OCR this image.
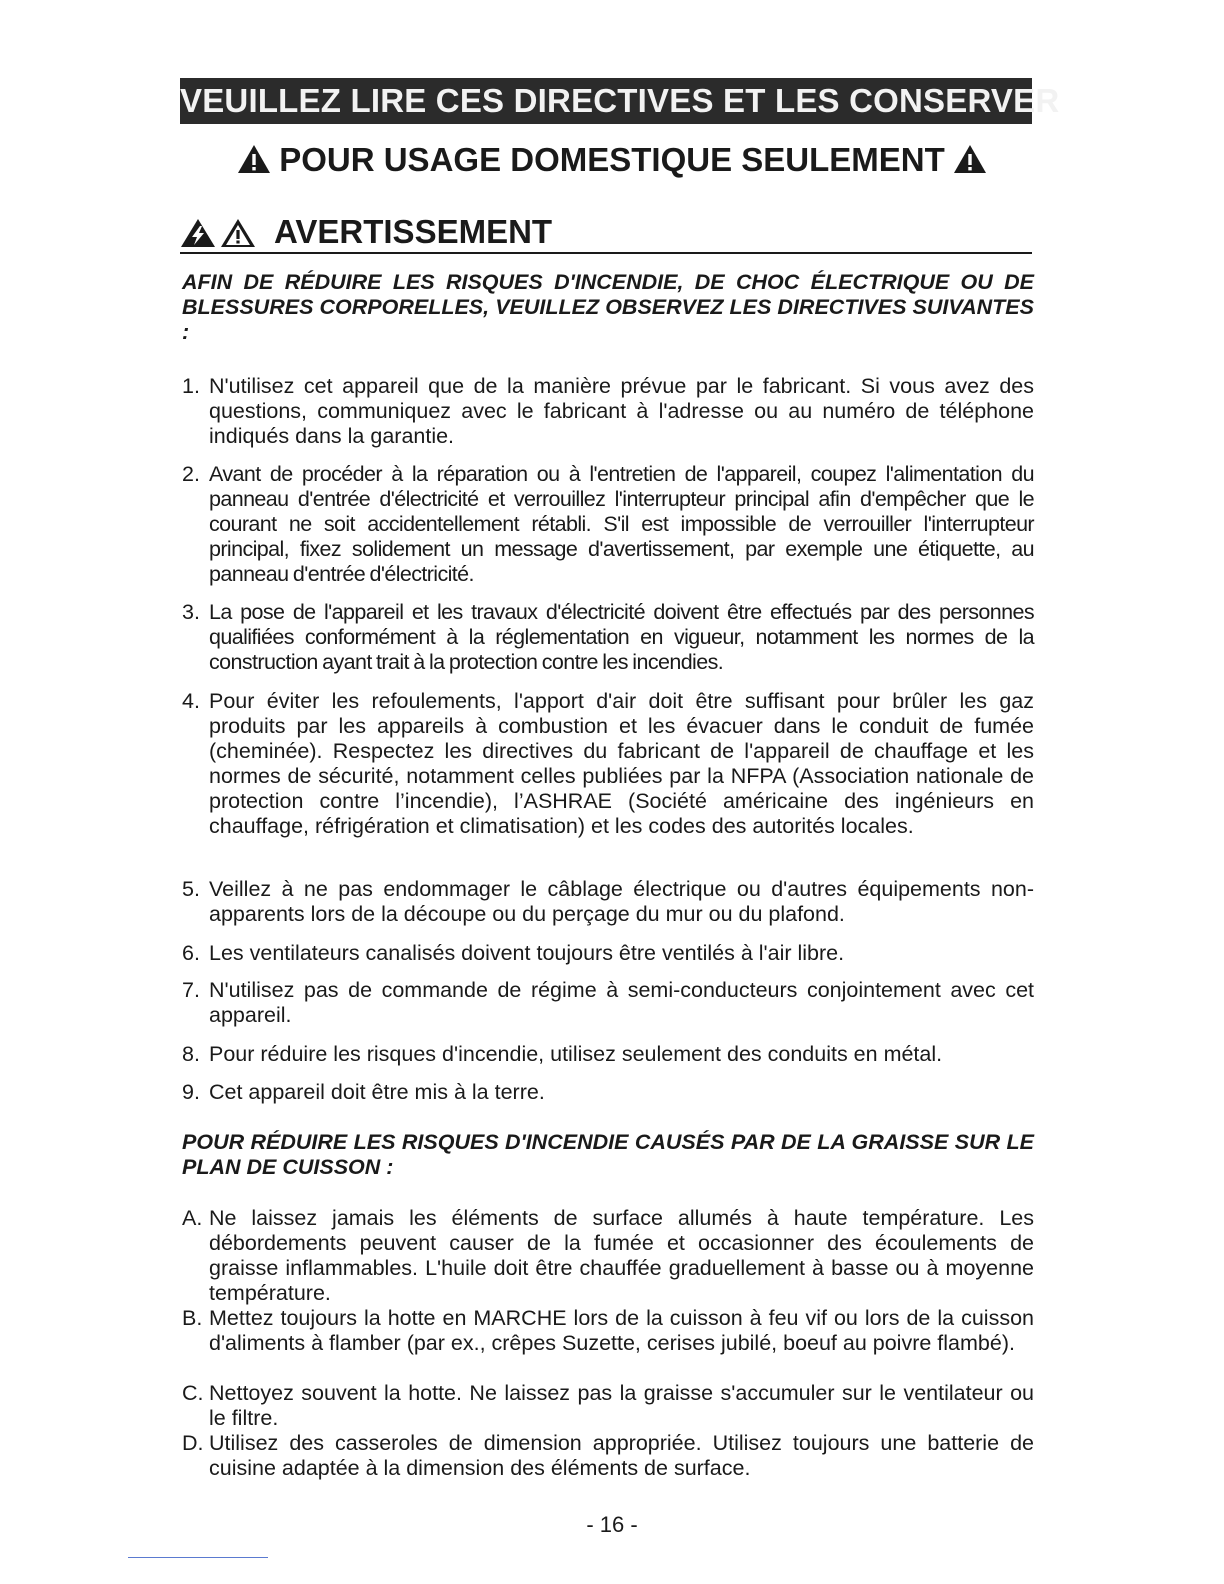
VEUILLEZ LIRE CES DIRECTIVES ET LES CONSERVER
POUR USAGE DOMESTIQUE SEULEMENT

AVERTISSEMENT
AFIN DE RÉDUIRE LES RISQUES D'INCENDIE, DE CHOC ÉLECTRIQUE OU DE BLESSURES CORPORELLES, VEUILLEZ OBSERVEZ LES DIRECTIVES SUIVANTES :
1. N'utilisez cet appareil que de la manière prévue par le fabricant. Si vous avez des questions, communiquez avec le fabricant à l'adresse ou au numéro de téléphone indiqués dans la garantie.
2. Avant de procéder à la réparation ou à l'entretien de l'appareil, coupez l'alimentation du panneau d'entrée d'électricité et verrouillez l'interrupteur principal afin d'empêcher que le courant ne soit accidentellement rétabli. S'il est impossible de verrouiller l'interrupteur principal, fixez solidement un message d'avertissement, par exemple une étiquette, au panneau d'entrée d'électricité.
3. La pose de l'appareil et les travaux d'électricité doivent être effectués par des personnes qualifiées conformément à la réglementation en vigueur, notamment les normes de la construction ayant trait à la protection contre les incendies.
4. Pour éviter les refoulements, l'apport d'air doit être suffisant pour brûler les gaz produits par les appareils à combustion et les évacuer dans le conduit de fumée (cheminée). Respectez les directives du fabricant de l'appareil de chauffage et les normes de sécurité, notamment celles publiées par la NFPA (Association nationale de protection contre l’incendie), l’ASHRAE (Société américaine des ingénieurs en chauffage, réfrigération et climatisation) et les codes des autorités locales.
5. Veillez à ne pas endommager le câblage électrique ou d'autres équipements non-apparents lors de la découpe ou du perçage du mur ou du plafond.
6. Les ventilateurs canalisés doivent toujours être ventilés à l'air libre.
7. N'utilisez pas de commande de régime à semi-conducteurs conjointement avec cet appareil.
8. Pour réduire les risques d'incendie, utilisez seulement des conduits en métal.
9. Cet appareil doit être mis à la terre.
POUR RÉDUIRE LES RISQUES D'INCENDIE CAUSÉS PAR DE LA GRAISSE SUR LE PLAN DE CUISSON :
A. Ne laissez jamais les éléments de surface allumés à haute température. Les débordements peuvent causer de la fumée et occasionner des écoulements de graisse inflammables. L'huile doit être chauffée graduellement à basse ou à moyenne température.
B. Mettez toujours la hotte en MARCHE lors de la cuisson à feu vif ou lors de la cuisson d'aliments à flamber (par ex., crêpes Suzette, cerises jubilé, boeuf au poivre flambé).
C. Nettoyez souvent la hotte. Ne laissez pas la graisse s'accumuler sur le ventilateur ou le filtre.
D. Utilisez des casseroles de dimension appropriée. Utilisez toujours une batterie de cuisine adaptée à la dimension des éléments de surface.
- 16 -
